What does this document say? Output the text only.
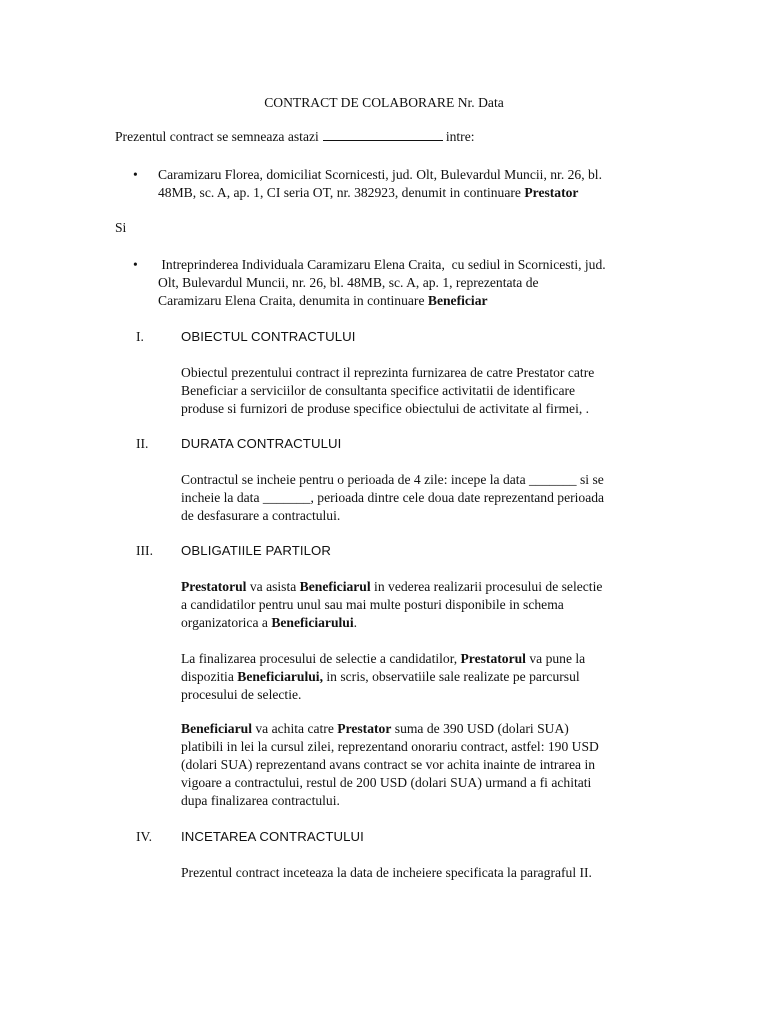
CONTRACT DE COLABORARE Nr. Data
Prezentul contract se semneaza astazi	intre:
• Caramizaru Florea, domiciliat Scornicesti, jud. Olt, Bulevardul Muncii, nr. 26, bl.
48MB, sc. A, ap. 1, CI seria OT, nr. 382923, denumit in continuare Prestator
Si
• Intreprinderea Individuala Caramizaru Elena Craita,  cu sediul in Scornicesti, jud.
Olt, Bulevardul Muncii, nr. 26, bl. 48MB, sc. A, ap. 1, reprezentata de
Caramizaru Elena Craita, denumita in continuare Beneficiar
I.	OBIECTUL CONTRACTULUI
Obiectul prezentului contract il reprezinta furnizarea de catre Prestator catre
Beneficiar a serviciilor de consultanta specifice activitatii de identificare
produse si furnizori de produse specifice obiectului de activitate al firmei, .
II. DURATA CONTRACTULUI
Contractul se incheie pentru o perioada de 4 zile: incepe la data _______ si se
incheie la data _______, perioada dintre cele doua date reprezentand perioada
de desfasurare a contractului.
III. OBLIGATIILE PARTILOR
Prestatorul va asista Beneficiarul in vederea realizarii procesului de selectie
a candidatilor pentru unul sau mai multe posturi disponibile in schema
organizatorica a Beneficiarului.
La finalizarea procesului de selectie a candidatilor, Prestatorul va pune la
dispozitia Beneficiarului, in scris, observatiile sale realizate pe parcursul
procesului de selectie.
Beneficiarul va achita catre Prestator suma de 390 USD (dolari SUA)
platibili in lei la cursul zilei, reprezentand onorariu contract, astfel: 190 USD
(dolari SUA) reprezentand avans contract se vor achita inainte de intrarea in
vigoare a contractului, restul de 200 USD (dolari SUA) urmand a fi achitati
dupa finalizarea contractului.
IV. INCETAREA CONTRACTULUI
Prezentul contract inceteaza la data de incheiere specificata la paragraful II.
